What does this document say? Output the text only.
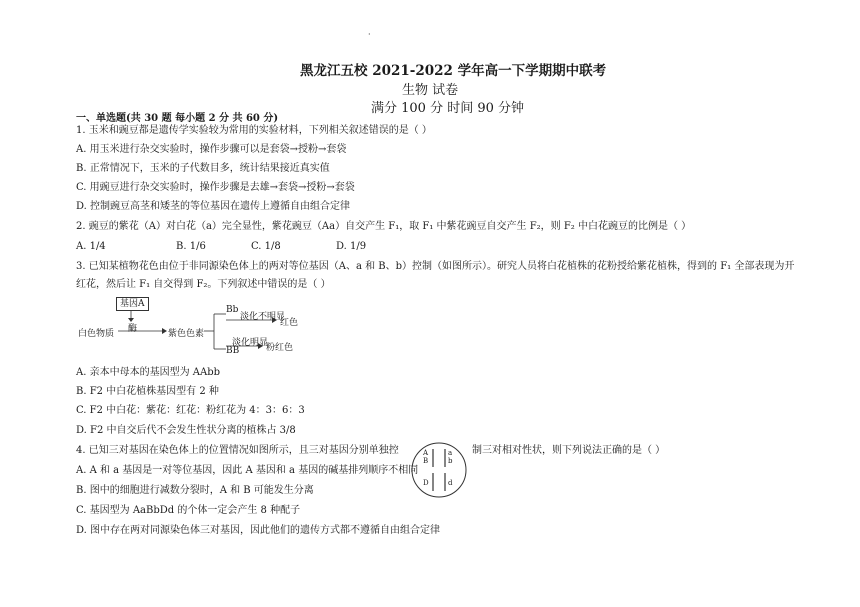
·
黑龙江五校 2021-2022 学年高一下学期期中联考
生物 试卷
满分 100 分 时间 90 分钟
一、单选题(共 30 题 每小题 2 分 共 60 分)
1. 玉米和豌豆都是遗传学实验较为常用的实验材料，下列相关叙述错误的是（ ）
A. 用玉米进行杂交实验时，操作步骤可以是套袋→授粉→套袋
B. 正常情况下，玉米的子代数目多，统计结果接近真实值
C. 用豌豆进行杂交实验时，操作步骤是去雄→套袋→授粉→套袋
D. 控制豌豆高茎和矮茎的等位基因在遗传上遵循自由组合定律
2. 豌豆的紫花（A）对白花（a）完全显性，紫花豌豆（Aa）自交产生 F₁，取 F₁ 中紫花豌豆自交产生 F₂，则 F₂ 中白花豌豆的比例是（ ）
A. 1/4	B. 1/6	C. 1/8	D. 1/9
3. 已知某植物花色由位于非同源染色体上的两对等位基因（A、a 和 B、b）控制（如图所示）。研究人员将白花植株的花粉授给紫花植株，得到的 F₁ 全部表现为开
红花，然后让 F₁ 自交得到 F₂。下列叙述中错误的是（ ）
基因A
酶
白色物质	紫色色素
Bb
淡化不明显
红色
BB
淡化明显
粉红色
A. 亲本中母本的基因型为 AAbb
B. F2 中白花植株基因型有 2 种
C. F2 中白花：紫花：红花：粉红花为 4：3：6：3
D. F2 中自交后代不会发生性状分离的植株占 3/8
4. 已知三对基因在染色体上的位置情况如图所示，且三对基因分别单独控	制三对相对性状，则下列说法正确的是（ ）
A
B
D
a
b
d
A. A 和 a 基因是一对等位基因，因此 A 基因和 a 基因的碱基排列顺序不相同
B. 图中的细胞进行减数分裂时，A 和 B 可能发生分离
C. 基因型为 AaBbDd 的个体一定会产生 8 种配子
D. 图中存在两对同源染色体三对基因，因此他们的遗传方式都不遵循自由组合定律
